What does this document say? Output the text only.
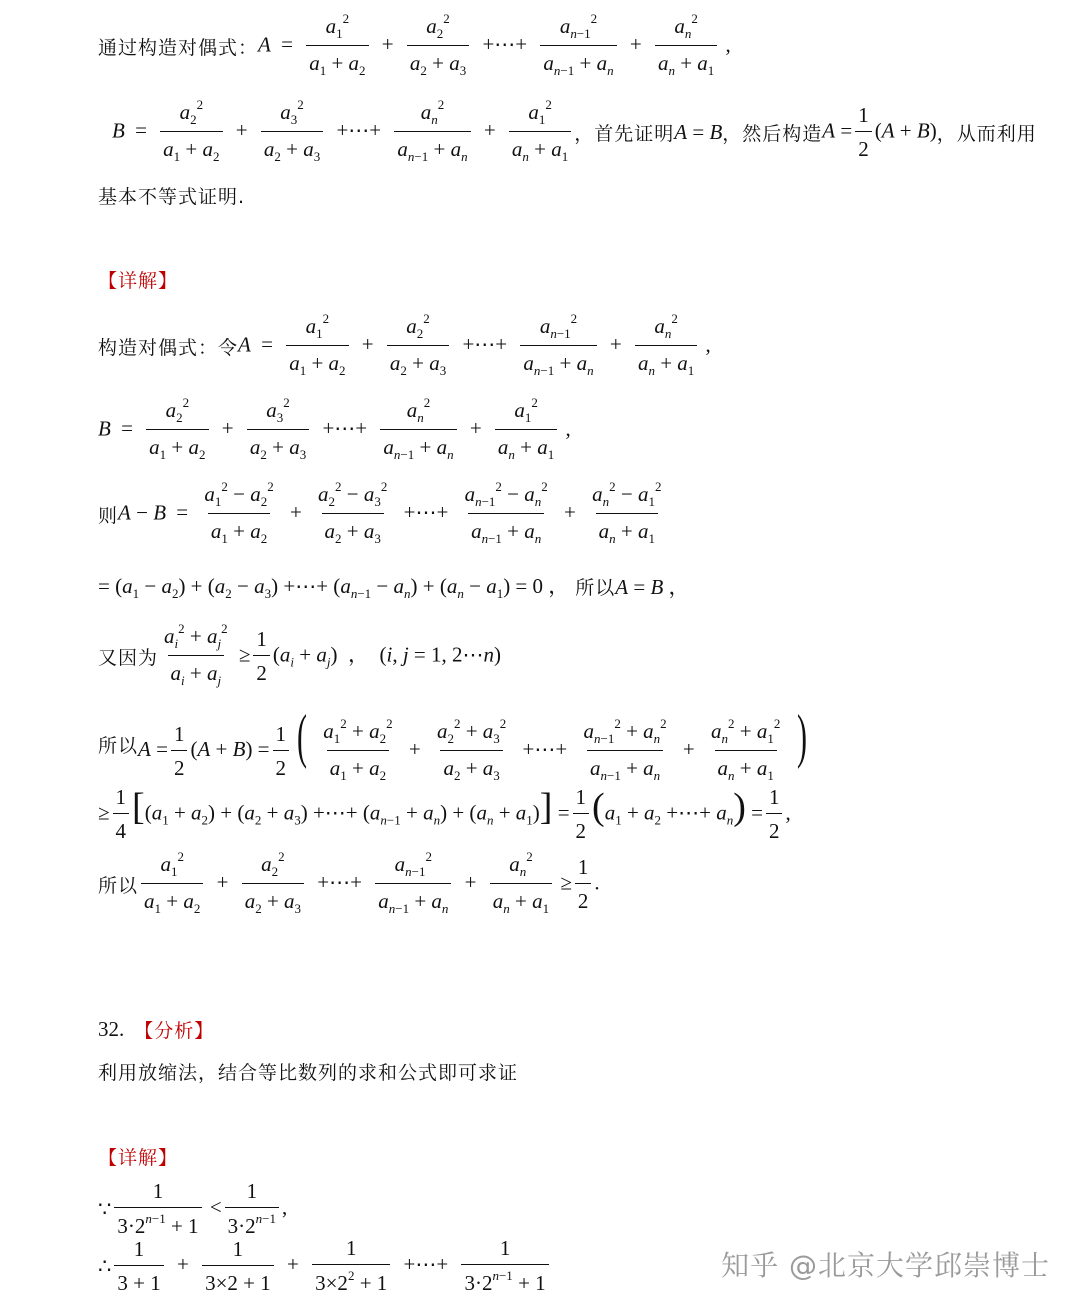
通过构造对偶式： $A = \frac{a_1^2}{a_1 + a_2} + \frac{a_2^2}{a_2 + a_3}$ +⋯+ $\frac{a_{n-1}^2}{a_{n-1} + a_n} + \frac{a_n^2}{a_n + a_1}$ ,
$B = \frac{a_2^2}{a_1 + a_2} + \frac{a_3^2}{a_2 + a_3}$ +⋯+ $\frac{a_n^2}{a_{n-1} + a_n} + \frac{a_1^2}{a_n + a_1}$ ，首先证明 A = B ，然后构造 $A = \frac{1}{2} (A + B)$ ，从而利用
基本不等式证明.
【详解】
构造对偶式：令 $A = \frac{a_1^2}{a_1 + a_2} + \frac{a_2^2}{a_2 + a_3}$ +⋯+ $\frac{a_{n-1}^2}{a_{n-1} + a_n} + \frac{a_n^2}{a_n + a_1}$ ,
$B = \frac{a_2^2}{a_1 + a_2} + \frac{a_3^2}{a_2 + a_3}$ +⋯+ $\frac{a_n^2}{a_{n-1} + a_n} + \frac{a_1^2}{a_n + a_1}$ ,
则 $A - B = \frac{a_1^2 - a_2^2}{a_1 + a_2} + \frac{a_2^2 - a_3^2}{a_2 + a_3}$ +⋯+ $\frac{a_{n-1}^2 - a_n^2}{a_{n-1} + a_n} + \frac{a_n^2 - a_1^2}{a_n + a_1}$
= $(a_1 - a_2) + (a_2 - a_3)$ +⋯+ $(a_{n-1} - a_n) + (a_n - a_1) = 0$ ， 所以 A = B ，
又因为 $\frac{a_i^2 + a_j^2}{a_i + a_j} \ge \frac{1}{2} (a_i + a_j)$  ，  (i, j = 1, 2⋯n)
所以 $A = \frac{1}{2} (A + B) = \frac{1}{2}$ ( $\frac{a_1^2 + a_2^2}{a_1 + a_2} + \frac{a_2^2 + a_3^2}{a_2 + a_3}$ +⋯+ $\frac{a_{n-1}^2 + a_n^2}{a_{n-1} + a_n} + \frac{a_n^2 + a_1^2}{a_n + a_1}$ )
≥ $\frac{1}{4} [(a_1 + a_2) + (a_2 + a_3)$ +⋯+ $(a_{n-1} + a_n) + (a_n + a_1)] = \frac{1}{2} (a_1 + a_2$ +⋯+ $a_n) = \frac{1}{2}$ ,
所以 $\frac{a_1^2}{a_1 + a_2} + \frac{a_2^2}{a_2 + a_3}$ +⋯+ $\frac{a_{n-1}^2}{a_{n-1} + a_n} + \frac{a_n^2}{a_n + a_1} \ge \frac{1}{2}$ .
32. 【分析】
利用放缩法，结合等比数列的求和公式即可求证
【详解】
∵ $\frac{1}{3\cdot 2^{n-1} + 1} < \frac{1}{3\cdot 2^{n-1}}$ ,
∴ $\frac{1}{3 + 1} + \frac{1}{3\times 2 + 1} + \frac{1}{3\times 2^2 + 1}$ +⋯+ $\frac{1}{3\cdot 2^{n-1} + 1}$	知乎 @北京大学邱崇博士
